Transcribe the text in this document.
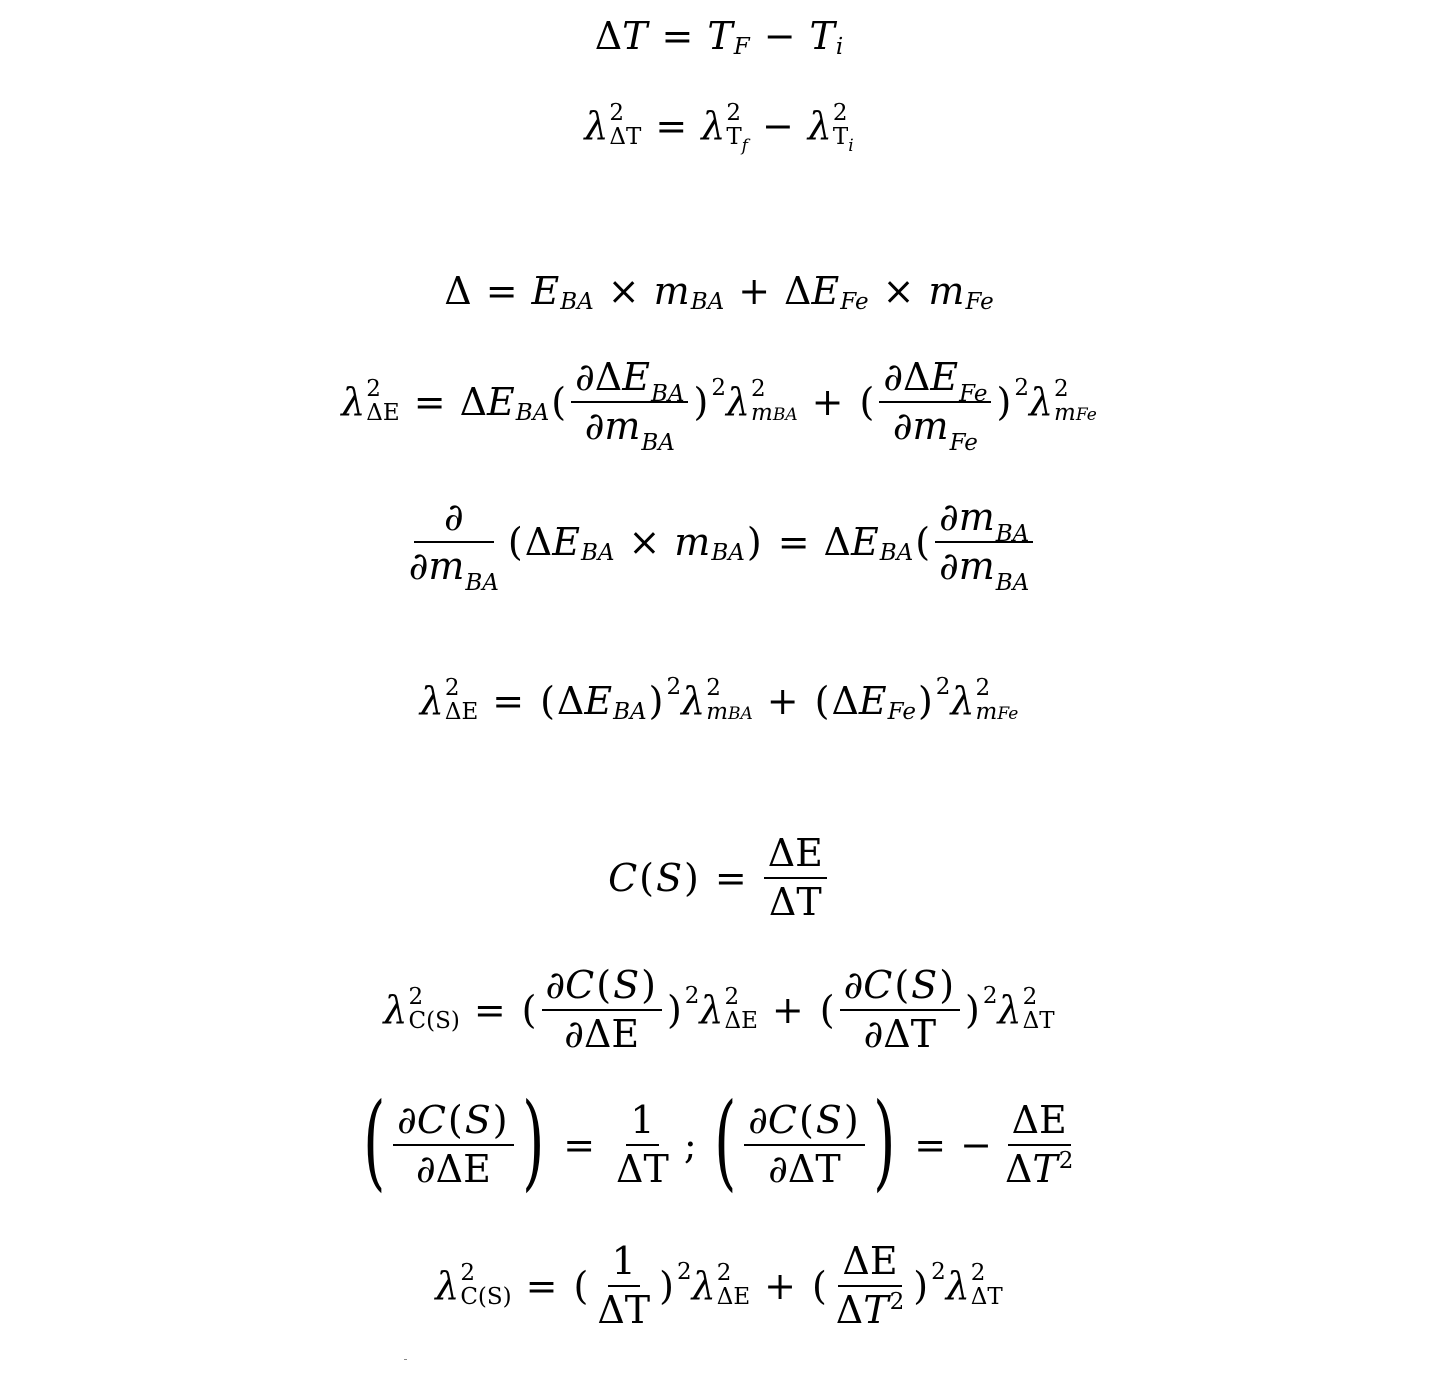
Δ T = T F − T i
λ 2
ΔT = λ 2
$T_f - \lambda$ 2
$T_i$
Δ = E BA × m BA + Δ E Fe × m Fe
λ 2
ΔE = Δ E BA ( $\frac{\partial\Delta E_{BA}}{\partial m_{BA}}$ ) 2 λ 2
mBA + ( $\frac{\partial\Delta E_{Fe}}{\partial m_{Fe}}$ ) 2 λ 2
mFe
$\frac{\partial}{\partial m_{BA}}$ ( Δ E BA × m BA ) = Δ E BA ( $\frac{\partial m_{BA}}{\partial m_{BA}}$
λ 2
ΔE = ( Δ E BA ) 2 λ 2
mBA + ( Δ E Fe ) 2 λ 2
mFe
C ( S ) = $\frac{\Delta E}{\Delta T}$
λ 2
C(S) = ( $\frac{\partial C(S)}{\partial\Delta E}$ ) 2 λ 2
ΔE + ( $\frac{\partial C(S)}{\partial\Delta T}$ ) 2 λ 2
ΔT
( $\frac{\partial C(S)}{\partial\Delta E}$ ) = $\frac{1}{\Delta T}$ ; ( $\frac{\partial C(S)}{\partial\Delta T}$ ) = − $\frac{\Delta E}{\Delta T^2}$
λ 2
C(S) = ( $\frac{1}{\Delta T}$ ) 2 λ 2
ΔE + ( $\frac{\Delta E}{\Delta T^2}$ ) 2 λ 2
ΔT
